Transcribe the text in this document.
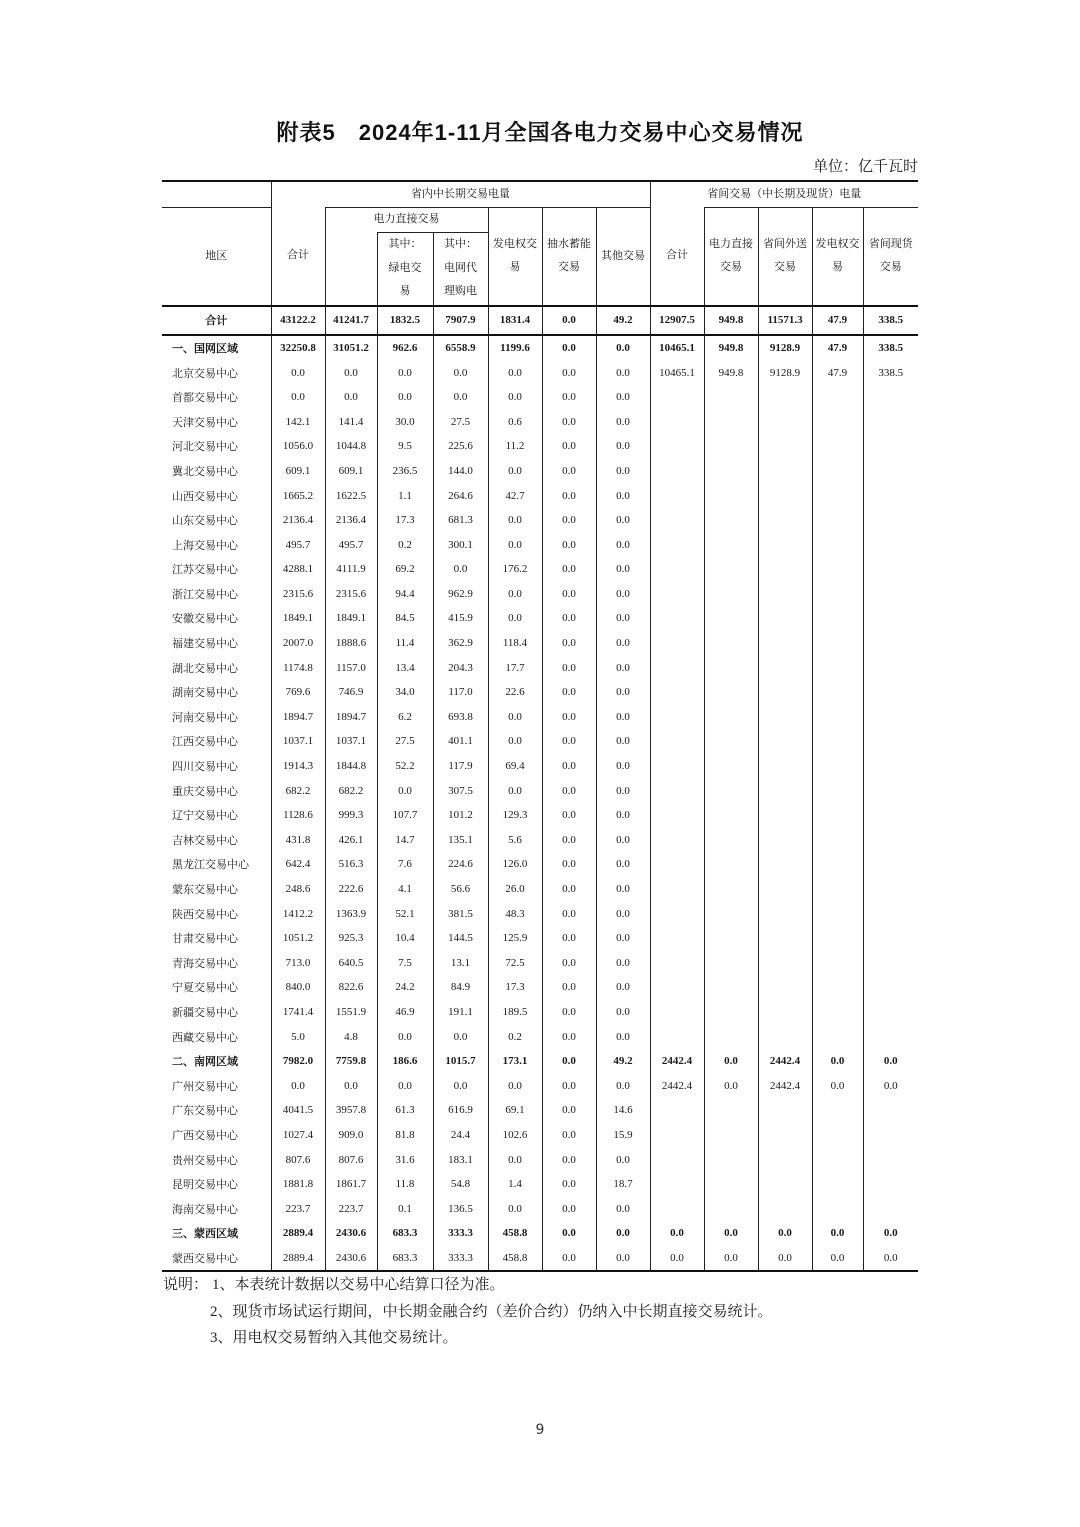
附表5　2024年1-11月全国各电力交易中心交易情况
单位：亿千瓦时
	省内中长期交易电量							省间交易（中长期及现货）电量				
地区	合计	电力直接交易			发电权交易	抽水蓄能交易	其他交易	合计	电力直接交易	省间外送交易	发电权交易	省间现货交易
			其中：绿电交易	其中：电网代理购电								
合计	43122.2	41241.7	1832.5	7907.9	1831.4	0.0	49.2	12907.5	949.8	11571.3	47.9	338.5
一、国网区域	32250.8	31051.2	962.6	6558.9	1199.6	0.0	0.0	10465.1	949.8	9128.9	47.9	338.5
北京交易中心	0.0	0.0	0.0	0.0	0.0	0.0	0.0	10465.1	949.8	9128.9	47.9	338.5
首都交易中心	0.0	0.0	0.0	0.0	0.0	0.0	0.0					
天津交易中心	142.1	141.4	30.0	27.5	0.6	0.0	0.0					
河北交易中心	1056.0	1044.8	9.5	225.6	11.2	0.0	0.0					
冀北交易中心	609.1	609.1	236.5	144.0	0.0	0.0	0.0					
山西交易中心	1665.2	1622.5	1.1	264.6	42.7	0.0	0.0					
山东交易中心	2136.4	2136.4	17.3	681.3	0.0	0.0	0.0					
上海交易中心	495.7	495.7	0.2	300.1	0.0	0.0	0.0					
江苏交易中心	4288.1	4111.9	69.2	0.0	176.2	0.0	0.0					
浙江交易中心	2315.6	2315.6	94.4	962.9	0.0	0.0	0.0					
安徽交易中心	1849.1	1849.1	84.5	415.9	0.0	0.0	0.0					
福建交易中心	2007.0	1888.6	11.4	362.9	118.4	0.0	0.0					
湖北交易中心	1174.8	1157.0	13.4	204.3	17.7	0.0	0.0					
湖南交易中心	769.6	746.9	34.0	117.0	22.6	0.0	0.0					
河南交易中心	1894.7	1894.7	6.2	693.8	0.0	0.0	0.0					
江西交易中心	1037.1	1037.1	27.5	401.1	0.0	0.0	0.0					
四川交易中心	1914.3	1844.8	52.2	117.9	69.4	0.0	0.0					
重庆交易中心	682.2	682.2	0.0	307.5	0.0	0.0	0.0					
辽宁交易中心	1128.6	999.3	107.7	101.2	129.3	0.0	0.0					
吉林交易中心	431.8	426.1	14.7	135.1	5.6	0.0	0.0					
黑龙江交易中心	642.4	516.3	7.6	224.6	126.0	0.0	0.0					
蒙东交易中心	248.6	222.6	4.1	56.6	26.0	0.0	0.0					
陕西交易中心	1412.2	1363.9	52.1	381.5	48.3	0.0	0.0					
甘肃交易中心	1051.2	925.3	10.4	144.5	125.9	0.0	0.0					
青海交易中心	713.0	640.5	7.5	13.1	72.5	0.0	0.0					
宁夏交易中心	840.0	822.6	24.2	84.9	17.3	0.0	0.0					
新疆交易中心	1741.4	1551.9	46.9	191.1	189.5	0.0	0.0					
西藏交易中心	5.0	4.8	0.0	0.0	0.2	0.0	0.0					
二、南网区域	7982.0	7759.8	186.6	1015.7	173.1	0.0	49.2	2442.4	0.0	2442.4	0.0	0.0
广州交易中心	0.0	0.0	0.0	0.0	0.0	0.0	0.0	2442.4	0.0	2442.4	0.0	0.0
广东交易中心	4041.5	3957.8	61.3	616.9	69.1	0.0	14.6					
广西交易中心	1027.4	909.0	81.8	24.4	102.6	0.0	15.9					
贵州交易中心	807.6	807.6	31.6	183.1	0.0	0.0	0.0					
昆明交易中心	1881.8	1861.7	11.8	54.8	1.4	0.0	18.7					
海南交易中心	223.7	223.7	0.1	136.5	0.0	0.0	0.0					
三、蒙西区域	2889.4	2430.6	683.3	333.3	458.8	0.0	0.0	0.0	0.0	0.0	0.0	0.0
蒙西交易中心	2889.4	2430.6	683.3	333.3	458.8	0.0	0.0	0.0	0.0	0.0	0.0	0.0
说明： 1、本表统计数据以交易中心结算口径为准。
2、现货市场试运行期间，中长期金融合约（差价合约）仍纳入中长期直接交易统计。
3、用电权交易暂纳入其他交易统计。
9
